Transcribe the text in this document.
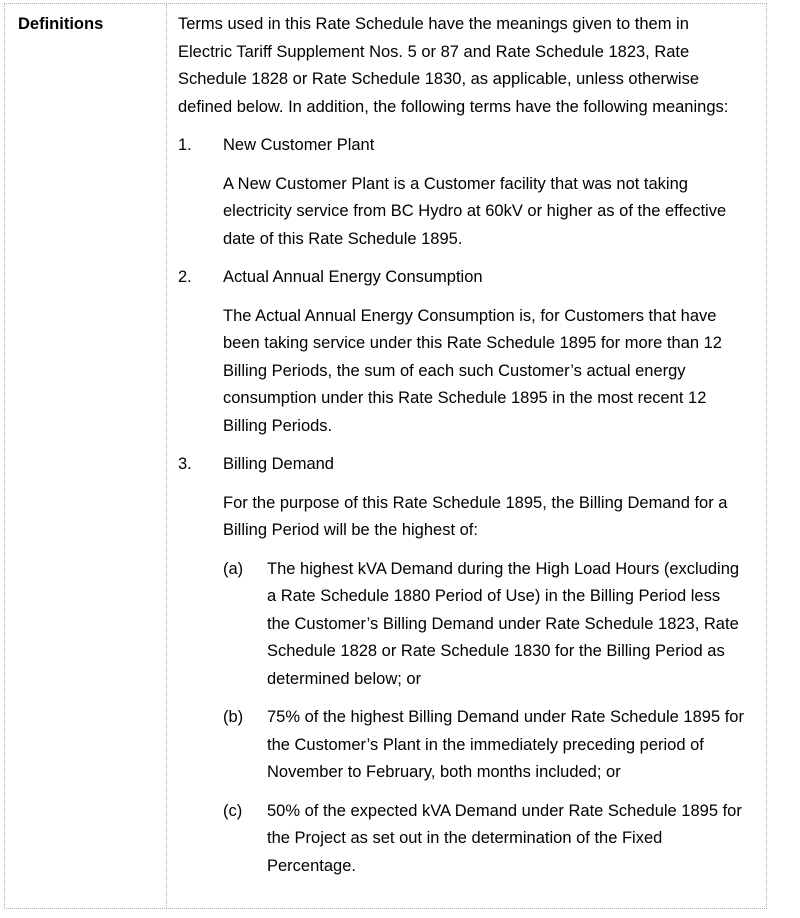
Definitions	Terms used in this Rate Schedule have the meanings given to them in Electric Tariff Supplement Nos. 5 or 87 and Rate Schedule 1823, Rate Schedule 1828 or Rate Schedule 1830, as applicable, unless otherwise defined below. In addition, the following terms have the following meanings:

1.	New Customer Plant

A New Customer Plant is a Customer facility that was not taking electricity service from BC Hydro at 60kV or higher as of the effective date of this Rate Schedule 1895.

2.	Actual Annual Energy Consumption

The Actual Annual Energy Consumption is, for Customers that have been taking service under this Rate Schedule 1895 for more than 12 Billing Periods, the sum of each such Customer’s actual energy consumption under this Rate Schedule 1895 in the most recent 12 Billing Periods.

3.	Billing Demand

For the purpose of this Rate Schedule 1895, the Billing Demand for a Billing Period will be the highest of:

(a)	The highest kVA Demand during the High Load Hours (excluding a Rate Schedule 1880 Period of Use) in the Billing Period less the Customer’s Billing Demand under Rate Schedule 1823, Rate Schedule 1828 or Rate Schedule 1830 for the Billing Period as determined below; or
(b)	75% of the highest Billing Demand under Rate Schedule 1895 for the Customer’s Plant in the immediately preceding period of November to February, both months included; or
(c)	50% of the expected kVA Demand under Rate Schedule 1895 for the Project as set out in the determination of the Fixed Percentage.
